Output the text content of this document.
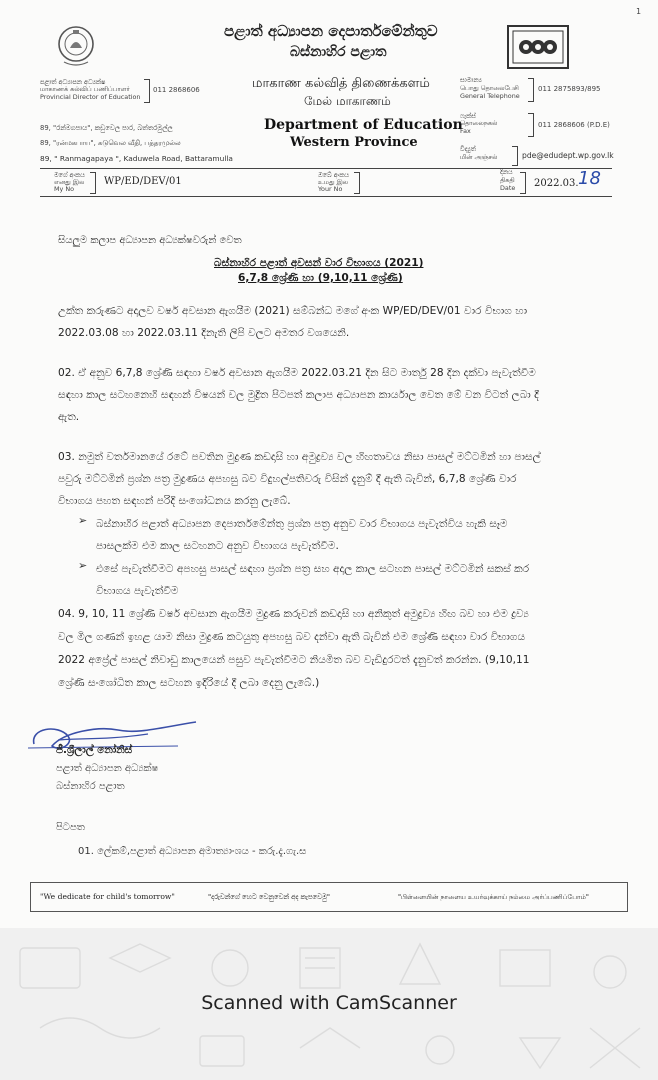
1
පළාත් අධ්‍යාපන දෙපාර්තමේන්තුව
බස්නාහිර පළාත
පළාත් අධ්‍යාපන අධ්‍යක්ෂ
மாகாணக் கல்விப் பணிப்பாளர்
Provincial Director of Education
011 2868606	மாகாண கல்வித் திணைக்களம்
மேல் மாகாணம்
සාමාන්‍ය
பொது தொலைபேசி
General Telephone
011 2875893/895
Department of Education
Western Province
89, "රන්මගපාය", කඩුවෙල පාර, බත්තරමුල්ල
89, "ரன்மகபாய", கடுவெல வீதி, பத்தரமுல்ல
89, " Ranmagapaya ", Kaduwela Road, Battaramulla
ෆැක්ස්
தொலைநகல்
Fax
011 2868606 (P.D.E)
විද්‍යුත්
மின் அஞ்சல்	pde@edudept.wp.gov.lk
මගේ අංකය
எனது இல
My No
WP/ED/DEV/01
ඔබේ අංකය
உமது இல
Your No
දිනය
திகதி
Date 2022.03. 18
සියලුම කලාප අධ්‍යාපන අධ්‍යක්ෂවරුන් වෙත
බස්නාහිර පළාත් අවසන් වාර විභාගය (2021)
6,7,8 ශ්‍රේණි හා (9,10,11 ශ්‍රේණි)
උක්ත කරුණට අදාලව වර්ෂ අවසාන ඇගයීම (2021) සම්බන්ධ මගේ අංක WP/ED/DEV/01 වාර විභාග හා
2022.03.08 හා 2022.03.11 දිනැති ලිපි වලට අමතර වශයෙනි.
02. ඒ අනුව 6,7,8 ශ්‍රේණි සඳහා වර්ෂ අවසාන ඇගයීම 2022.03.21 දින සිට මාර්තු 28 දින දක්වා පැවැත්වීම
සඳහා කාල සටහනෙහි සඳහන් විෂයන් වල මුද්‍රිත පිටපත් කලාප අධ්‍යාපන කාර්යාල වෙත මේ වන විටත් ලබා දී
ඇත.
03. නමුත් වර්තමානයේ රටේ පවතින මුද්‍රණ කඩදාසි හා අමුද්‍රව්‍ය වල හිඟතාවය නිසා පාසල් මට්ටමින් හා පාසල්
පවුරු මට්ටමින් ප්‍රශ්න පත්‍ර මුද්‍රණය අපහසු බව විදුහල්පතිවරු විසින් දැනුම් දී ඇති බැවින්, 6,7,8 ශ්‍රේණි වාර
විභාගය පහත සඳහන් පරිදි සංශෝධනය කරනු ලැබේ.
➢ බස්නාහිර පළාත් අධ්‍යාපන දෙපාර්තමේන්තු ප්‍රශ්න පත්‍ර අනුව වාර විභාගය පැවැත්විය හැකි සෑම
පාසලක්ම එම කාල සටහනට අනුව විභාගය පැවැත්වීම.
➢ එසේ පැවැත්වීමට අපහසු පාසල් සඳහා ප්‍රශ්න පත්‍ර සහ අදාල කාල සටහන පාසල් මට්ටමින් සකස් කර
විභාගය පැවැත්වීම
04. 9, 10, 11 ශ්‍රේණි වර්ෂ අවසාන ඇගයීම මුද්‍රණ කරුවන් කඩදාසි හා අනිකුත් අමුද්‍රව්‍ය හිඟ බව හා එම ද්‍රව්‍ය
වල මිල ගණන් ඉහළ යාම නිසා මුද්‍රණ කටයුතු අපහසු බව දන්වා ඇති බැවින් එම ශ්‍රේණි සඳහා වාර විභාගය
2022 අප්‍රේල් පාසල් නිවාඩු කාලයෙන් පසුව පැවැත්වීමට නියමිත බව වැඩිදුරටත් දැනුවත් කරන්න. (9,10,11
ශ්‍රේණි සංශෝධිත කාල සටහන ඉදිරියේ දී ලබා දෙනු ලැබේ.)
ජී.ශ්‍රීලාල් නෝනිස්
පළාත් අධ්‍යාපන අධ්‍යක්ෂ
බස්නාහිර පළාත
පිටපත
01. ලේකම්,පළාත් අධ්‍යාපන අමාත්‍යාංශය - කරු.දැ.ගැ.ස
"We dedicate for child's tomorrow"	"දරුවන්ගේ හෙට වෙනුවෙන් අද කැපවෙමු"	"பிள்ளையின் நாளைய உயர்வுக்காய் நம்மை அர்ப்பணிப்போம்"
Scanned with CamScanner
